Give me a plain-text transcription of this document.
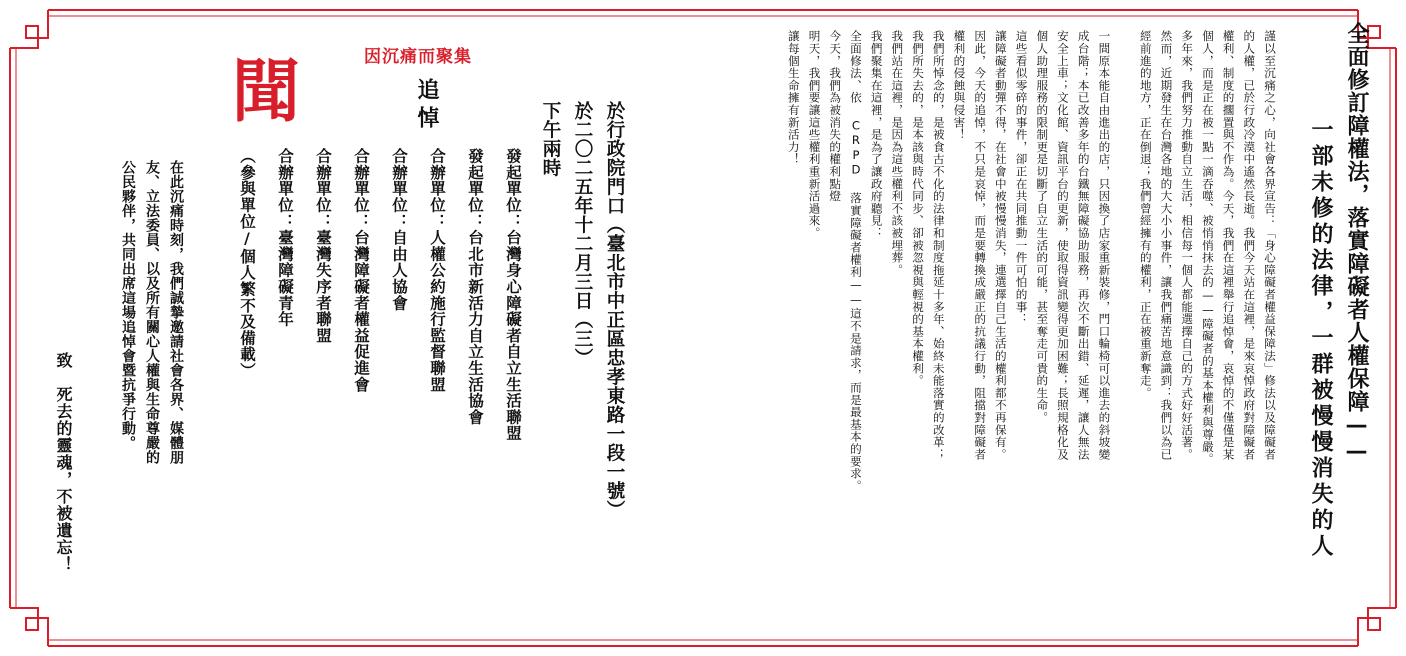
全面修訂障權法，落實障礙者人權保障——
一部未修的法律，一群被慢慢消失的人
謹以至沉痛之心，向社會各界宣告：「身心障礙者權益保障法」修法以及障礙者
的人權，已於行政冷漠中遙然長逝。我們今天站在這裡，是來哀悼政府對障礙者
權利、制度的擱置與不作為。今天，我們在這裡舉行追悼會，哀悼的不僅僅是某
個人，而是正在被一點一滴吞噬、被悄悄抹去的——障礙者的基本權利與尊嚴。
多年來，我們努力推動自立生活，相信每一個人都能選擇自己的方式好好活著。
然而，近期發生在台灣各地的大大小小事件，讓我們痛苦地意識到：我們以為已
經前進的地方，正在倒退；我們曾經擁有的權利，正在被重新奪走。

一間原本能自由進出的店，只因換了店家重新裝修，門口輪椅可以進去的斜坡變
成台階；本已改善多年的台鐵無障礙協助服務，再次不斷出錯、延遲，讓人無法
安全上車；文化館、資訊平台的更新，使取得資訊變得更加困難；長照規格化及
個人助理服務的限制更是切斷了自立生活的可能，甚至奪走可貴的生命。
這些看似零碎的事件，卻正在共同推動一件可怕的事：
讓障礙者動彈不得，在社會中被慢慢消失，連選擇自己生活的權利都不再保有。
因此，今天的追悼，不只是哀悼，而是要轉換成嚴正的抗議行動，阻擋對障礙者
權利的侵蝕與侵害！
我們所悼念的，是被食古不化的法律和制度拖延十多年、始終未能落實的改革；
我們所失去的，是本該與時代同步、卻被忽視與輕視的基本權利。
我們站在這裡，是因為這些權利不該被埋葬。
我們聚集在這裡，是為了讓政府聽見：
全面修法、依 CRPD 落實障礙者權利——這不是請求，而是最基本的要求。
今天，我們為被消失的權利點燈
明天，我們要讓這些權利重新活過來。
讓每個生命擁有新活力！

於行政院門口（臺北市中正區忠孝東路一段一號）
於二〇二五年十二月三日（三）
下午兩時

發起單位：台灣身心障礙者自立生活聯盟
發起單位：台北市新活力自立生活協會
合辦單位：人權公約施行監督聯盟
合辦單位：自由人協會
合辦單位：台灣障礙者權益促進會
合辦單位：臺灣失序者聯盟
合辦單位：臺灣障礙青年
（參與單位/個人繁不及備載）
追悼
聞	因沉痛而聚集
在此沉痛時刻，我們誠摯邀請社會各界、媒體朋
友、立法委員、以及所有關心人權與生命尊嚴的
公民夥伴，共同出席這場追悼會暨抗爭行動。
致　死去的靈魂，不被遺忘！
